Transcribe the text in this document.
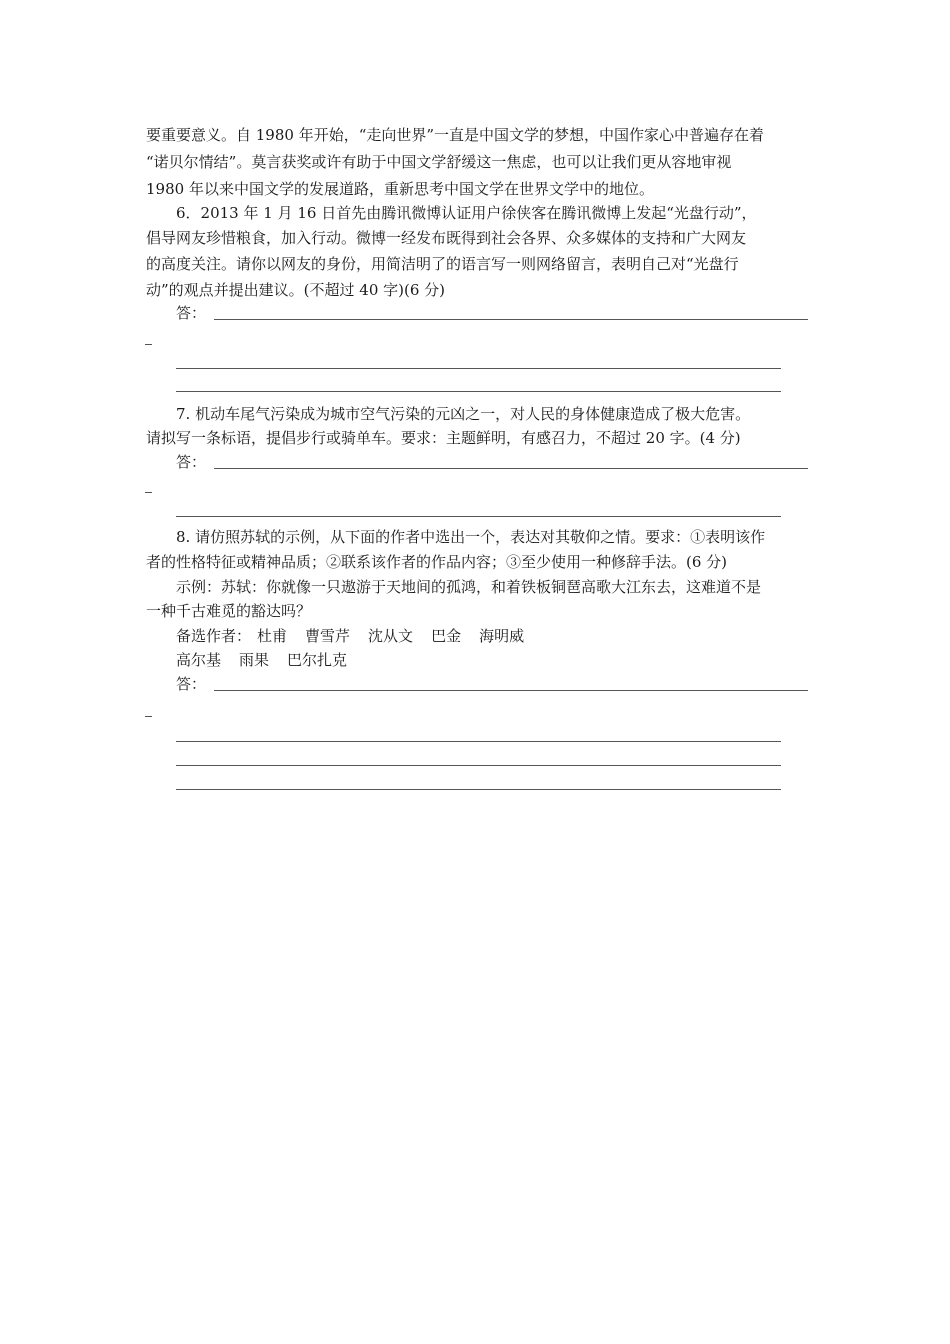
要重要意义。自 1980 年开始，“走向世界”一直是中国文学的梦想，中国作家心中普遍存在着
“诺贝尔情结”。莫言获奖或许有助于中国文学舒缓这一焦虑，也可以让我们更从容地审视
1980 年以来中国文学的发展道路，重新思考中国文学在世界文学中的地位。
6．2013 年 1 月 16 日首先由腾讯微博认证用户徐侠客在腾讯微博上发起“光盘行动”，
倡导网友珍惜粮食，加入行动。微博一经发布既得到社会各界、众多媒体的支持和广大网友
的高度关注。请你以网友的身份，用简洁明了的语言写一则网络留言，表明自己对“光盘行
动”的观点并提出建议。(不超过 40 字)(6 分)
答：
7. 机动车尾气污染成为城市空气污染的元凶之一，对人民的身体健康造成了极大危害。
请拟写一条标语，提倡步行或骑单车。要求：主题鲜明，有感召力，不超过 20 字。(4 分)
答：
8. 请仿照苏轼的示例，从下面的作者中选出一个，表达对其敬仰之情。要求：①表明该作
者的性格特征或精神品质；②联系该作者的作品内容；③至少使用一种修辞手法。(6 分)
示例：苏轼：你就像一只遨游于天地间的孤鸿，和着铁板铜琶高歌大江东去，这难道不是
一种千古难觅的豁达吗？
备选作者： 杜甫 曹雪芹 沈从文 巴金 海明威
高尔基 雨果 巴尔扎克
答：
